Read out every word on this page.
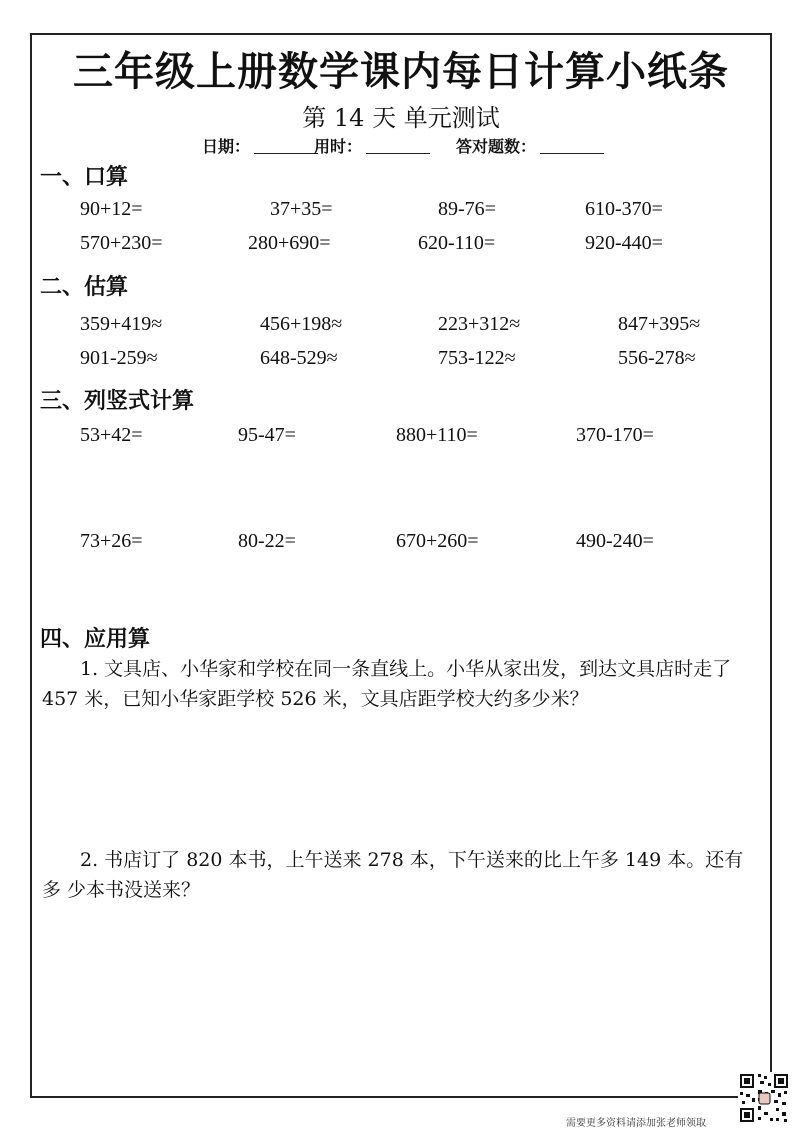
三年级上册数学课内每日计算小纸条
第 14 天 单元测试
日期：	用时：	答对题数：
一、口算
90+12=	37+35=	89-76=	610-370=
570+230=	280+690=	620-110=	920-440=
二、估算
359+419≈	456+198≈	223+312≈	847+395≈
901-259≈	648-529≈	753-122≈	556-278≈
三、列竖式计算
53+42=	95-47=	880+110=	370-170=
73+26=	80-22=	670+260=	490-240=
四、应用算
1. 文具店、小华家和学校在同一条直线上。小华从家出发，到达文具店时走了 457 米，已知小华家距学校 526 米，文具店距学校大约多少米？
2. 书店订了 820 本书，上午送来 278 本，下午送来的比上午多 149 本。还有多 少本书没送来？
需要更多资料请添加张老师领取
